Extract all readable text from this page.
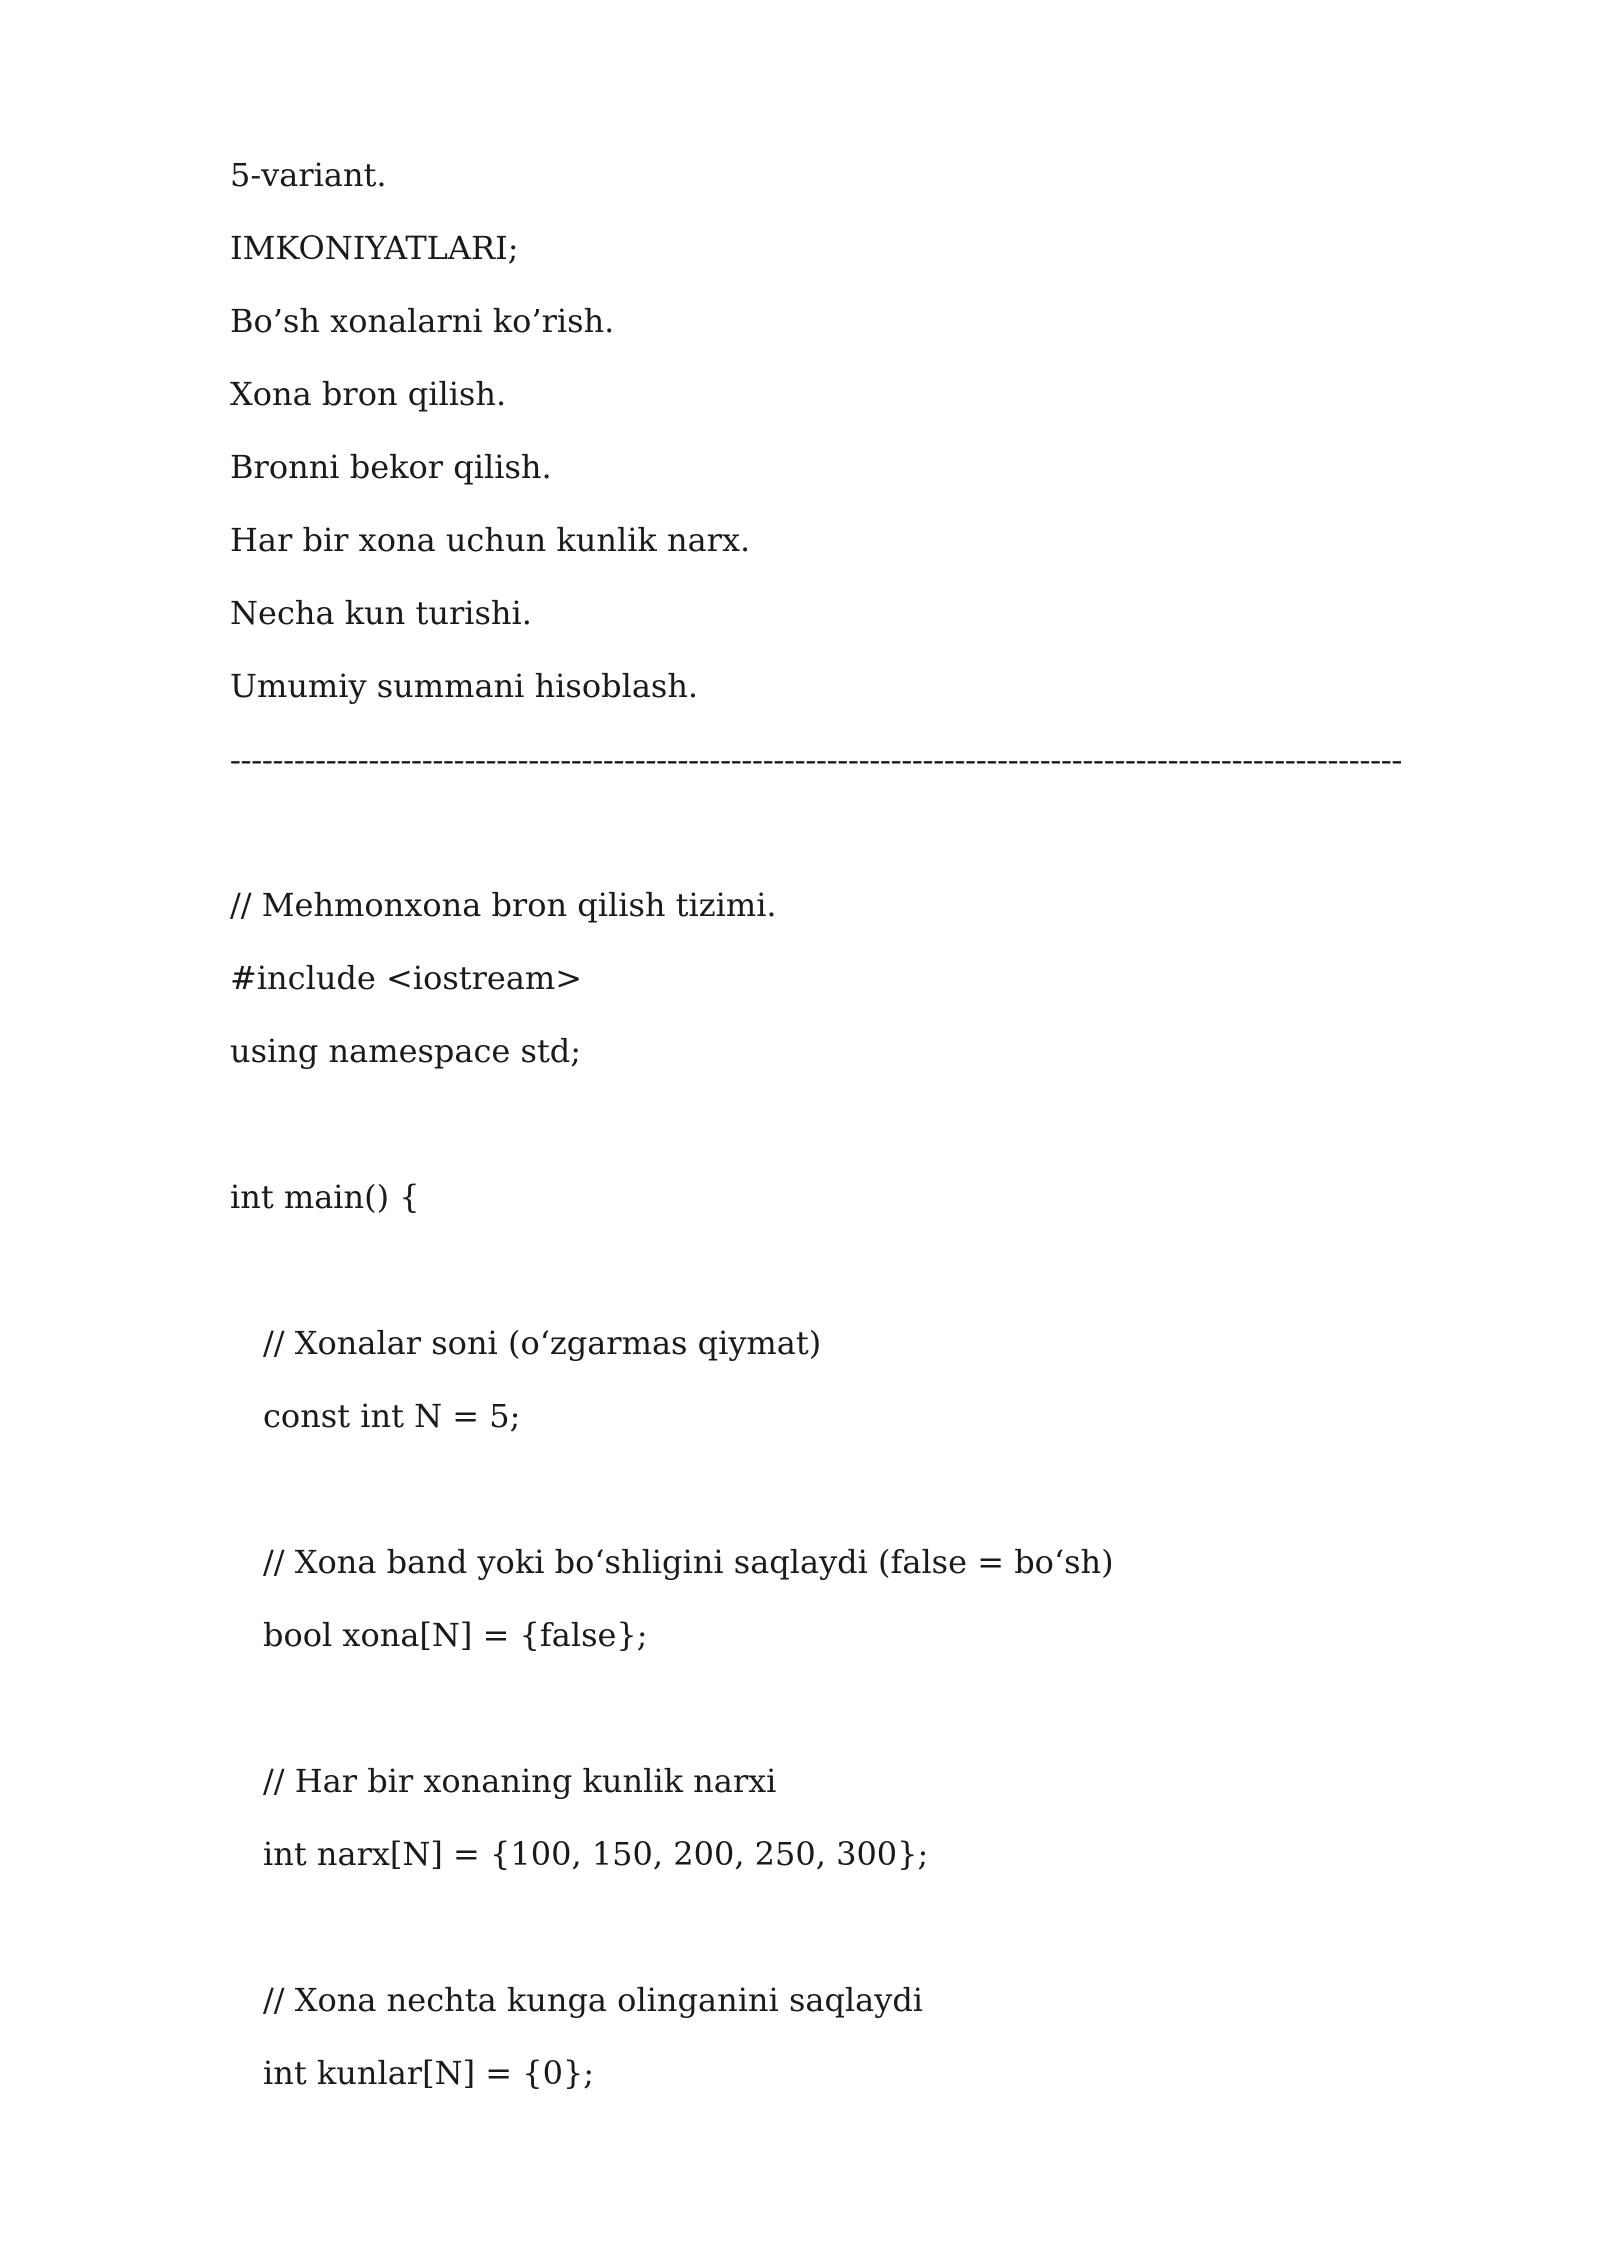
5-variant.
IMKONIYATLARI;
Bo’sh xonalarni ko’rish.
Xona bron qilish.
Bronni bekor qilish.
Har bir xona uchun kunlik narx.
Necha kun turishi.
Umumiy summani hisoblash.
--------------------------------------------------------------------------------------------------------------
// Mehmonxona bron qilish tizimi.
#include <iostream>
using namespace std;
int main() {
// Xonalar soni (o‘zgarmas qiymat)
const int N = 5;
// Xona band yoki bo‘shligini saqlaydi (false = bo‘sh)
bool xona[N] = {false};
// Har bir xonaning kunlik narxi
int narx[N] = {100, 150, 200, 250, 300};
// Xona nechta kunga olinganini saqlaydi
int kunlar[N] = {0};
